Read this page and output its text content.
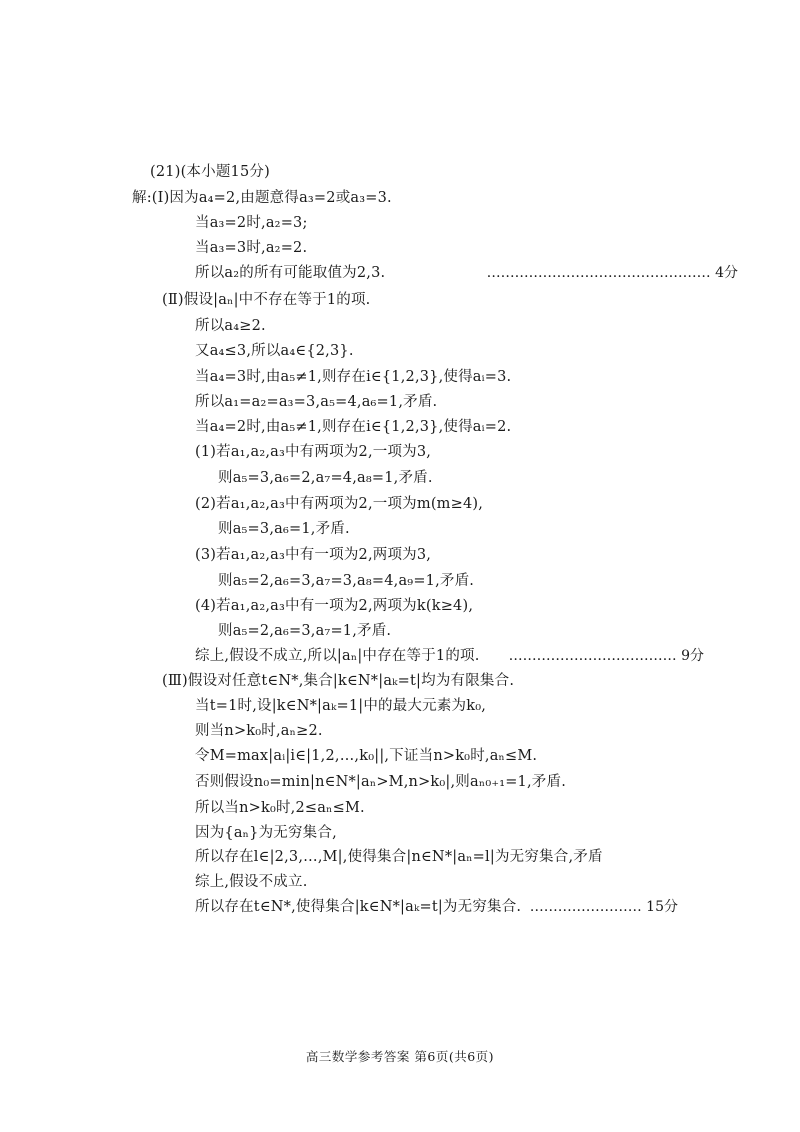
(21)(本小题15分)
解:(Ⅰ)因为a₄=2,由题意得a₃=2或a₃=3.
当a₃=2时,a₂=3;
当a₃=3时,a₂=2.
所以a₂的所有可能取值为2,3.	………………………………………… 4分
(Ⅱ)假设|aₙ|中不存在等于1的项.
所以a₄≥2.
又a₄≤3,所以a₄∈{2,3}.
当a₄=3时,由a₅≠1,则存在i∈{1,2,3},使得aᵢ=3.
所以a₁=a₂=a₃=3,a₅=4,a₆=1,矛盾.
当a₄=2时,由a₅≠1,则存在i∈{1,2,3},使得aᵢ=2.
(1)若a₁,a₂,a₃中有两项为2,一项为3,
则a₅=3,a₆=2,a₇=4,a₈=1,矛盾.
(2)若a₁,a₂,a₃中有两项为2,一项为m(m≥4),
则a₅=3,a₆=1,矛盾.
(3)若a₁,a₂,a₃中有一项为2,两项为3,
则a₅=2,a₆=3,a₇=3,a₈=4,a₉=1,矛盾.
(4)若a₁,a₂,a₃中有一项为2,两项为k(k≥4),
则a₅=2,a₆=3,a₇=1,矛盾.
综上,假设不成立,所以|aₙ|中存在等于1的项. ……………………………… 9分
(Ⅲ)假设对任意t∈N*,集合|k∈N*|aₖ=t|均为有限集合.
当t=1时,设|k∈N*|aₖ=1|中的最大元素为k₀,
则当n>k₀时,aₙ≥2.
令M=max|aᵢ|i∈|1,2,…,k₀||,下证当n>k₀时,aₙ≤M.
否则假设n₀=min|n∈N*|aₙ>M,n>k₀|,则aₙ₀₊₁=1,矛盾.
所以当n>k₀时,2≤aₙ≤M.
因为{aₙ}为无穷集合,
所以存在l∈|2,3,…,M|,使得集合|n∈N*|aₙ=l|为无穷集合,矛盾
综上,假设不成立.
所以存在t∈N*,使得集合|k∈N*|aₖ=t|为无穷集合. …………………… 15分
高三数学参考答案 第6页(共6页)
